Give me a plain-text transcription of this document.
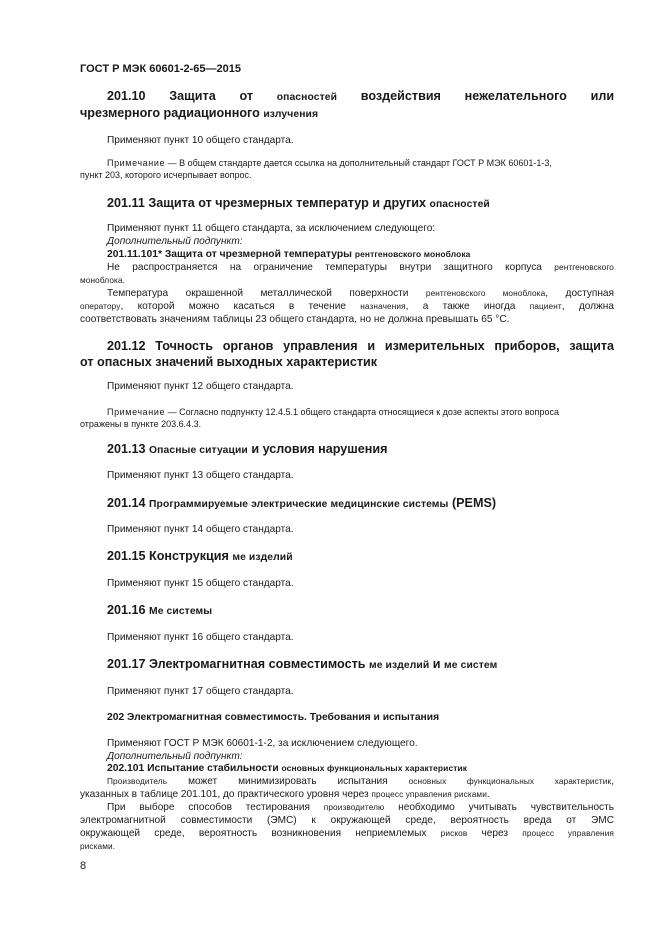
ГОСТ Р МЭК 60601-2-65—2015
201.10 Защита от опасностей воздействия нежелательного или
чрезмерного радиационного излучения
Применяют пункт 10 общего стандарта.
Примечание — В общем стандарте дается ссылка на дополнительный стандарт ГОСТ Р МЭК 60601-1-3,
пункт 203, которого исчерпывает вопрос.
201.11 Защита от чрезмерных температур и других опасностей
Применяют пункт 11 общего стандарта, за исключением следующего:
Дополнительный подпункт:
201.11.101* Защита от чрезмерной температуры рентгеновского моноблока
Не распространяется на ограничение температуры внутри защитного корпуса рентгеновского
моноблока.
Температура окрашенной металлической поверхности рентгеновского моноблока, доступная
оператору, которой можно касаться в течение назначения, а также иногда пациент, должна
соответствовать значениям таблицы 23 общего стандарта, но не должна превышать 65 °С.
201.12 Точность органов управления и измерительных приборов, защита
от опасных значений выходных характеристик
Применяют пункт 12 общего стандарта.
Примечание — Согласно подпункту 12.4.5.1 общего стандарта относящиеся к дозе аспекты этого вопроса
отражены в пункте 203.6.4.3.
201.13 Опасные ситуации и условия нарушения
Применяют пункт 13 общего стандарта.
201.14 Программируемые электрические медицинские системы (PEMS)
Применяют пункт 14 общего стандарта.
201.15 Конструкция ме изделий
Применяют пункт 15 общего стандарта.
201.16 Ме системы
Применяют пункт 16 общего стандарта.
201.17 Электромагнитная совместимость ме изделий и ме систем
Применяют пункт 17 общего стандарта.
202 Электромагнитная совместимость. Требования и испытания
Применяют ГОСТ Р МЭК 60601-1-2, за исключением следующего.
Дополнительный подпункт:
202.101 Испытание стабильности основных функциональных характеристик
Производитель может минимизировать испытания основных функциональных характеристик,
указанных в таблице 201.101, до практического уровня через процесс управления рисками.
При выборе способов тестирования производителю необходимо учитывать чувствительность
электромагнитной совместимости (ЭМС) к окружающей среде, вероятность вреда от ЭМС
окружающей среде, вероятность возникновения неприемлемых рисков через процесс управления
рисками.
8
